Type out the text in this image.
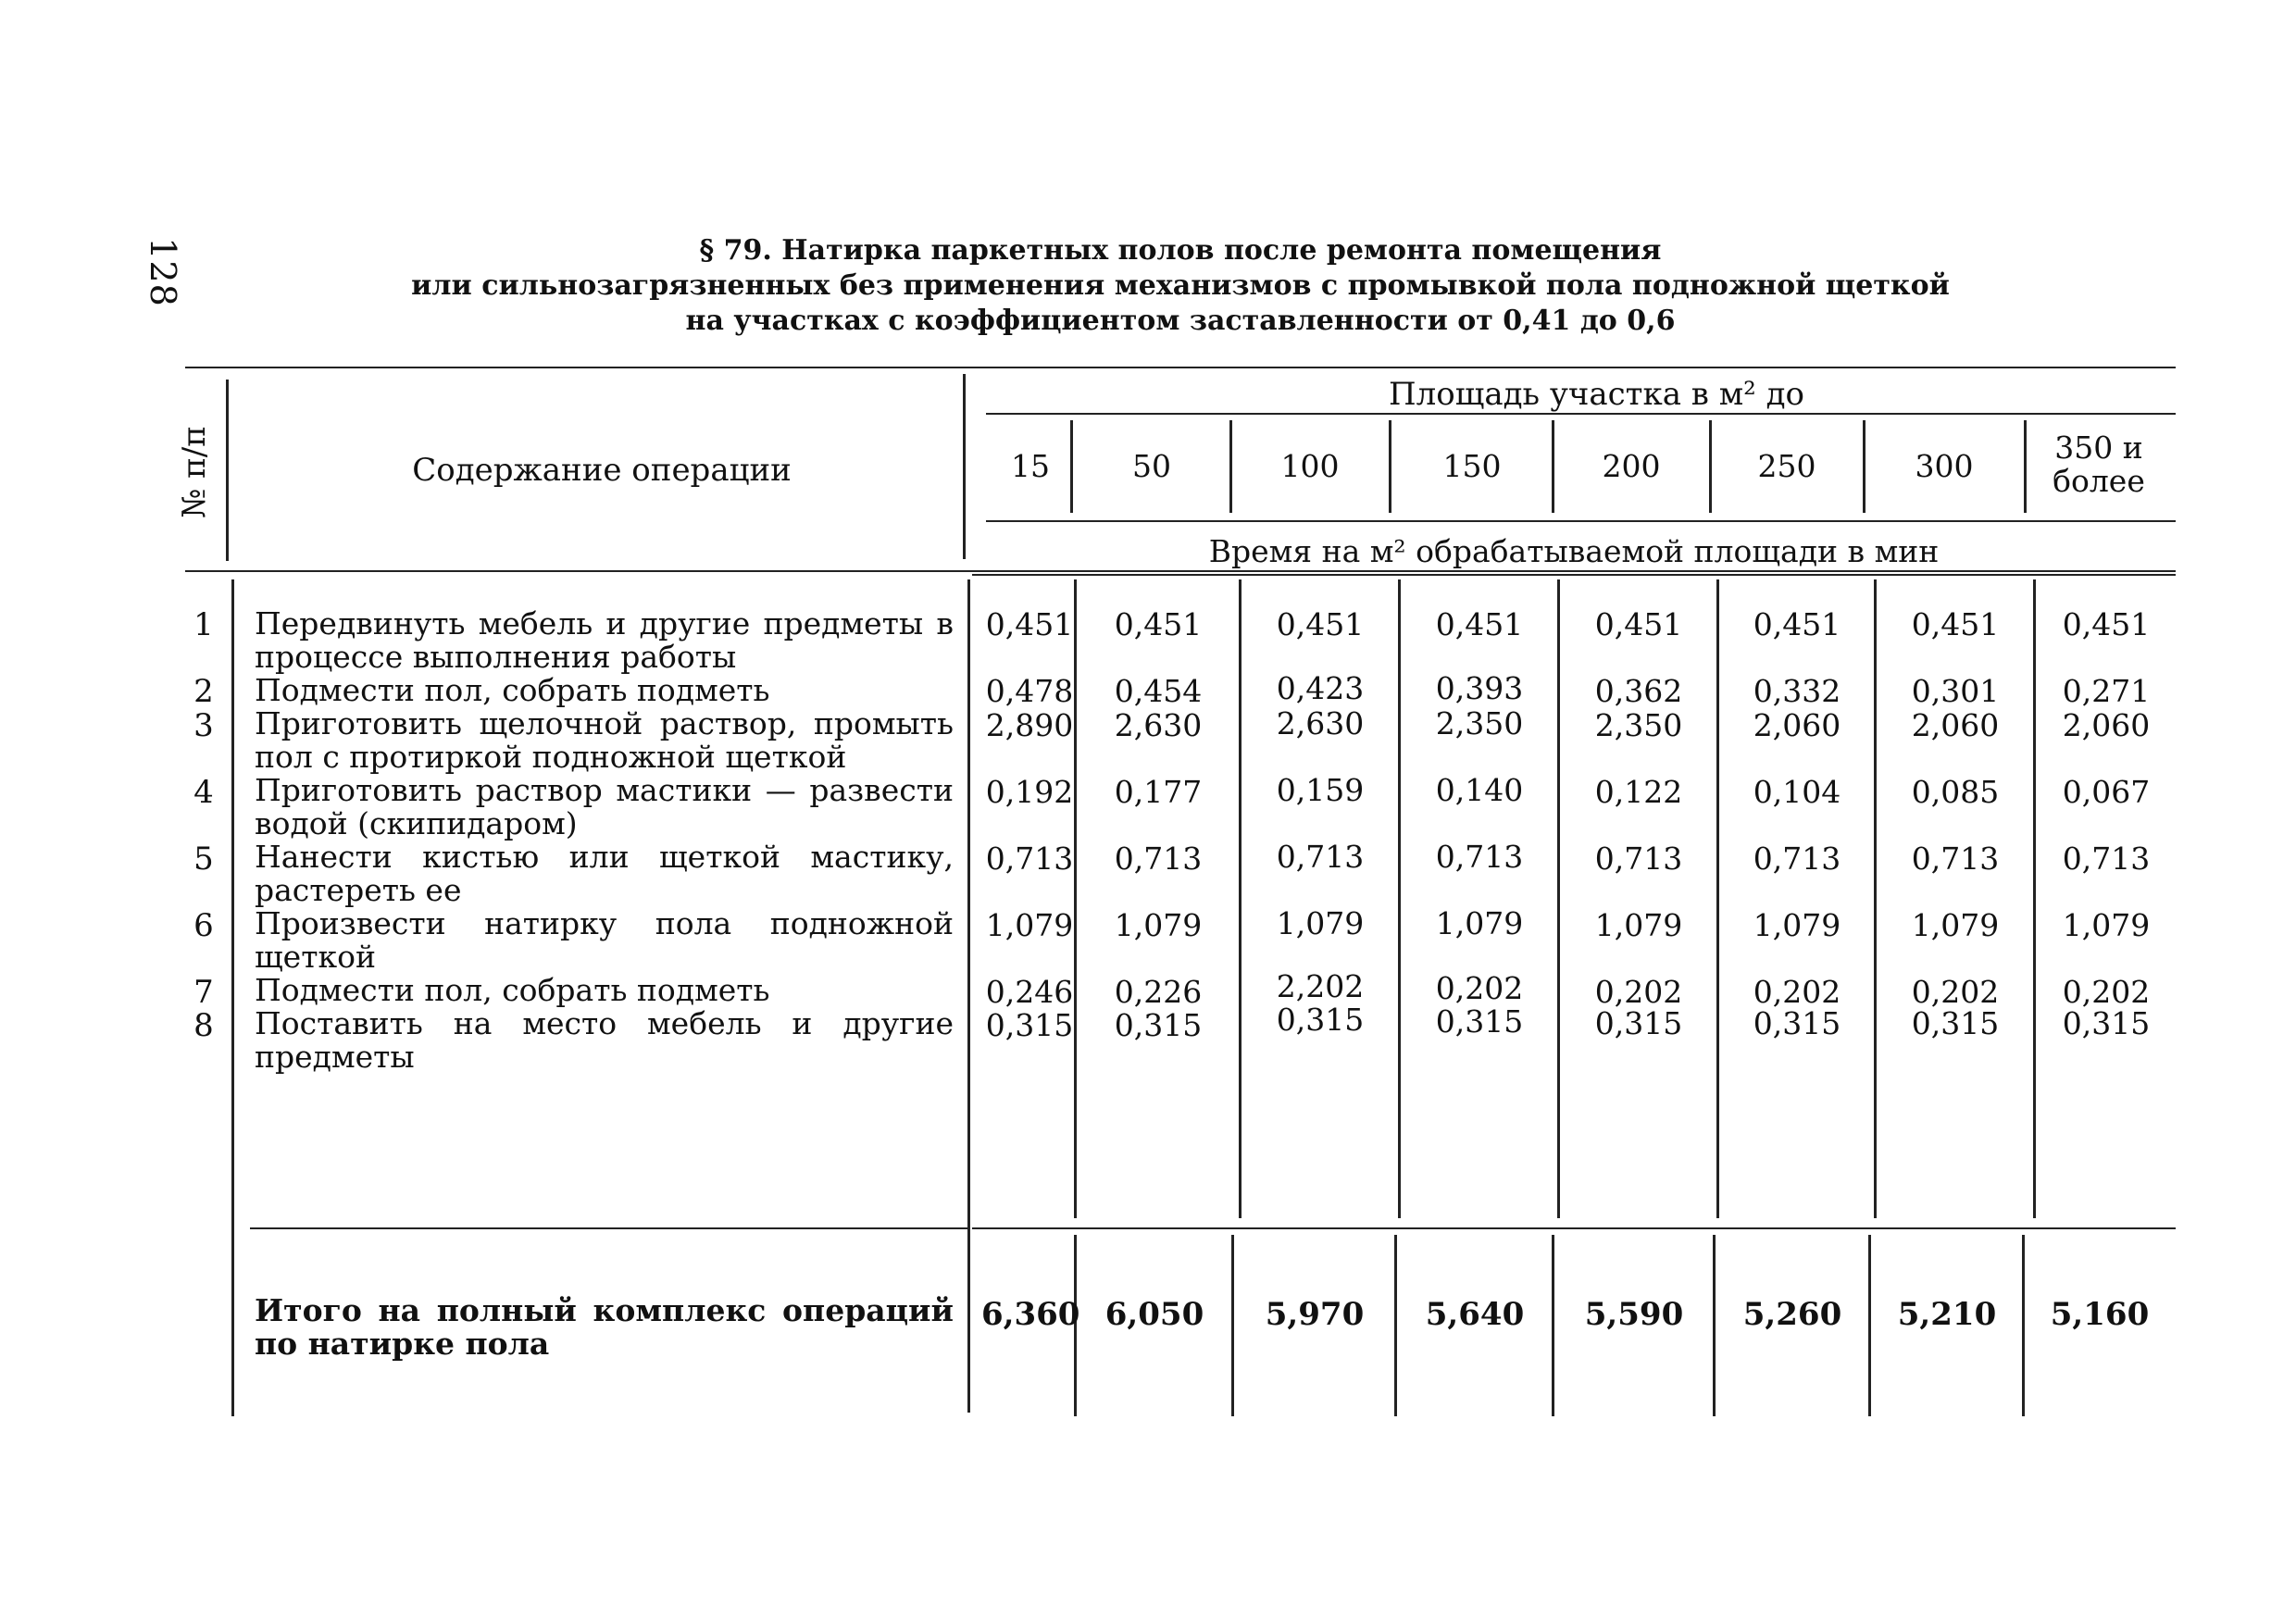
128	§ 79. Натирка паркетных полов после ремонта помещения
или сильнозагрязненных без применения механизмов с промывкой пола подножной щеткой
на участках с коэффициентом заставленности от 0,41 до 0,6
№ п/п	Содержание операции
Площадь участка в м² до
Время на м² обрабатываемой площади в мин
15	50	100	150	200	250	300
350 и более
1 Передвинуть мебель и другие предметы в процессе выполнения работы
0,451	0,451	0,451	0,451	0,451	0,451	0,451	0,451
2 Подмести пол, собрать подметь	0,478	0,454	0,423	0,393	0,362	0,332	0,301	0,271
3 Приготовить щелочной раствор, промыть пол с протиркой подножной щеткой
2,890	2,630	2,630	2,350	2,350	2,060	2,060	2,060
4 Приготовить раствор мастики — развести водой (скипидаром)
0,192	0,177	0,159	0,140	0,122	0,104	0,085	0,067
5 Нанести кистью или щеткой мастику, растереть ее
0,713	0,713	0,713	0,713	0,713	0,713	0,713	0,713
6 Произвести натирку пола подножной щеткой
1,079	1,079	1,079	1,079	1,079	1,079	1,079	1,079
7 Подмести пол, собрать подметь	0,246	0,226	2,202	0,202	0,202	0,202	0,202	0,202
8 Поставить на место мебель и другие предметы
0,315	0,315	0,315	0,315	0,315	0,315	0,315	0,315
Итого на полный комплекс операций по натирке пола
6,360 6,050	5,970	5,640	5,590	5,260	5,210	5,160
